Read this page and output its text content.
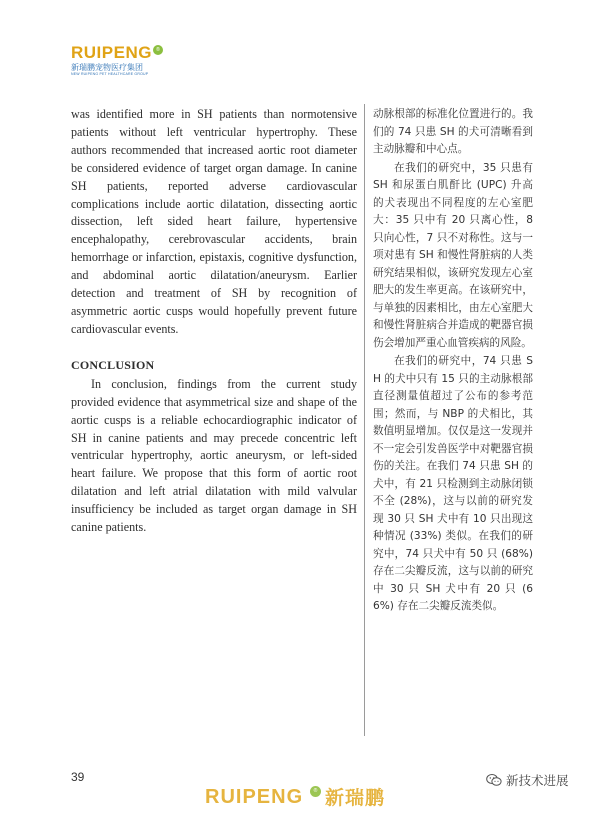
RUIPENG ®
新瑞鹏宠物医疗集团
NEW RUIPENG PET HEALTHCARE GROUP

was identified more in SH patients than normotensive patients without left ventricular hypertrophy. These authors recommended that increased aortic root diameter be considered evidence of target organ damage. In canine SH patients, reported adverse cardiovascular complications include aortic dilatation, dissecting aortic dissection, left sided heart failure, hypertensive encephalopathy, cerebrovascular accidents, brain hemorrhage or infarction, epistaxis, cognitive dysfunction, and abdominal aortic dilatation/aneurysm. Earlier detection and treatment of SH by recognition of asymmetric aortic cusps would hopefully prevent future cardiovascular events.

CONCLUSION

In conclusion, findings from the current study provided evidence that asymmetrical size and shape of the aortic cusps is a reliable echocardiographic indicator of SH in canine patients and may precede concentric left ventricular hypertrophy, aortic aneurysm, or left-sided heart failure. We propose that this form of aortic root dilatation and left atrial dilatation with mild valvular insufficiency be included as target organ damage in SH canine patients.

动脉根部的标准化位置进行的。我们的 74 只患 SH 的犬可清晰看到主动脉瓣和中心点。

在我们的研究中，35 只患有 SH 和尿蛋白肌酐比 (UPC) 升高的犬表现出不同程度的左心室肥大：35 只中有 20 只离心性，8 只向心性，7 只不对称性。这与一项对患有 SH 和慢性肾脏病的人类研究结果相似，该研究发现左心室肥大的发生率更高。在该研究中，与单独的因素相比，由左心室肥大和慢性肾脏病合并造成的靶器官损伤会增加严重心血管疾病的风险。

在我们的研究中，74 只患 SH 的犬中只有 15 只的主动脉根部直径测量值超过了公布的参考范围；然而，与 NBP 的犬相比，其数值明显增加。仅仅是这一发现并不一定会引发兽医学中对靶器官损伤的关注。在我们 74 只患 SH 的犬中，有 21 只检测到主动脉闭锁不全 (28%)，这与以前的研究发现 30 只 SH 犬中有 10 只出现这种情况 (33%) 类似。在我们的研究中，74 只犬中有 50 只 (68%) 存在二尖瓣反流，这与以前的研究中 30 只 SH 犬中有 20 只 (66%) 存在二尖瓣反流类似。

39
RUIPENG	® 新瑞鹏
新技术进展
